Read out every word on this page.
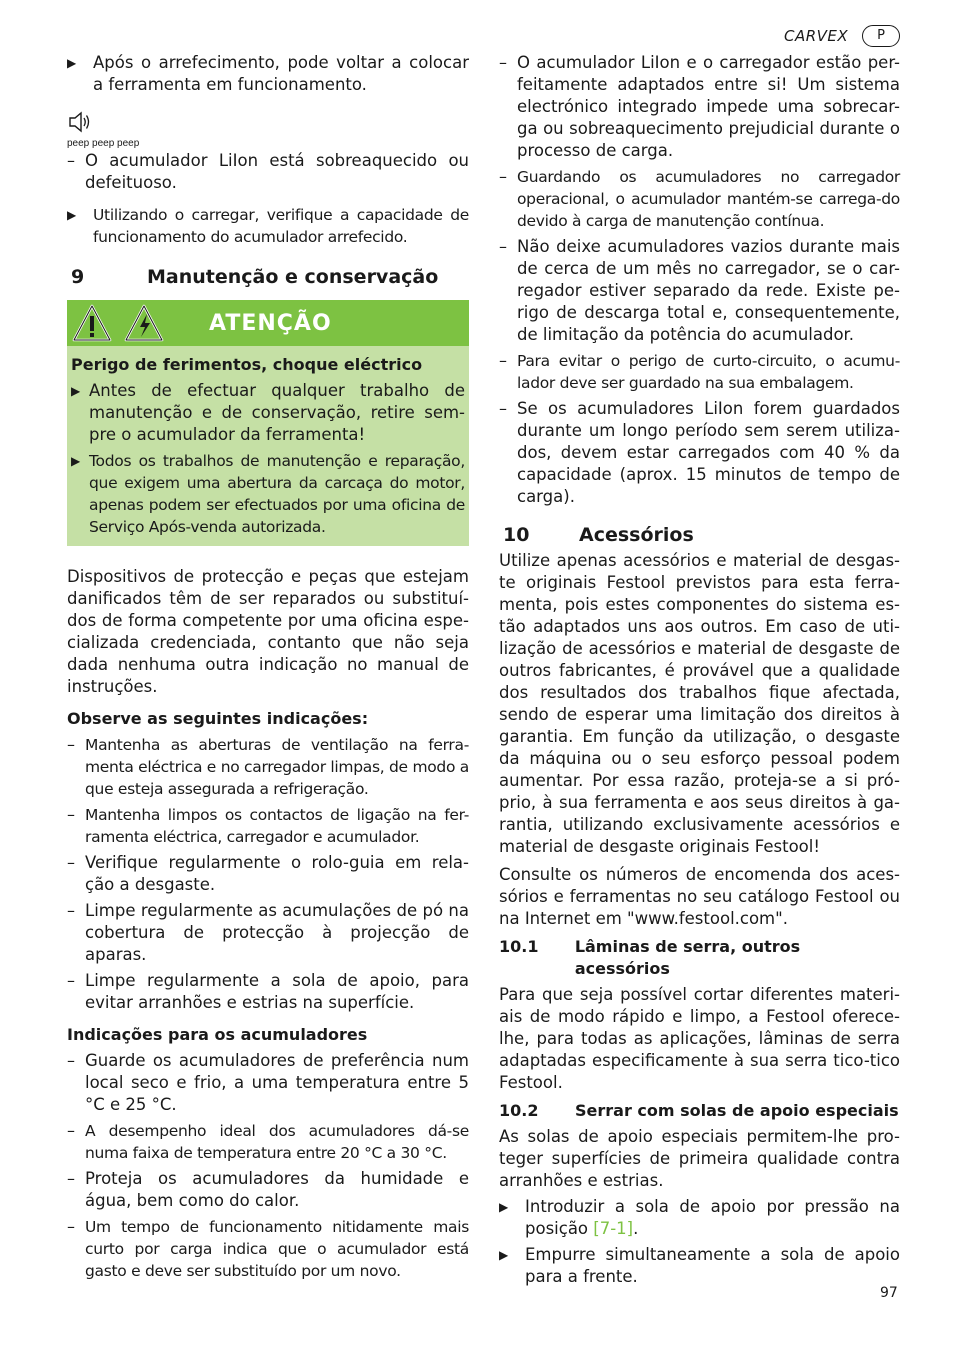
CARVEX	P
▶	Após o arrefecimento, pode voltar a colocar a ferramenta em funcionamento.

peep peep peep
– O acumulador LiIon está sobreaquecido ou defeituoso.

▶	Utilizando o carregar, verifique a capacidade de funcionamento do acumulador arrefecido.

9	Manutenção e conservação
ATENÇÃO
Perigo de ferimentos, choque eléctrico
▶ Antes de efectuar qualquer trabalho de manutenção e de conservação, retire sem-pre o acumulador da ferramenta!

▶ Todos os trabalhos de manutenção e reparação, que exigem uma abertura da carcaça do motor, apenas podem ser efectuados por uma oficina de Serviço Após-venda autorizada.

Dispositivos de protecção e peças que estejam danificados têm de ser reparados ou substituí-dos de forma competente por uma oficina espe-cializada credenciada, contanto que não seja dada nenhuma outra indicação no manual de instruções.

Observe as seguintes indicações:
– Mantenha as aberturas de ventilação na ferra-menta eléctrica e no carregador limpas, de modo a que esteja assegurada a refrigeração.

– Mantenha limpos os contactos de ligação na fer-ramenta eléctrica, carregador e acumulador.

– Verifique regularmente o rolo-guia em rela-ção a desgaste.

– Limpe regularmente as acumulações de pó na cobertura de protecção à projecção de aparas.

– Limpe regularmente a sola de apoio, para evitar arranhões e estrias na superfície.

Indicações para os acumuladores
– Guarde os acumuladores de preferência num local seco e frio, a uma temperatura entre 5 °C e 25 °C.

– A desempenho ideal dos acumuladores dá-se numa faixa de temperatura entre 20 °C a 30 °C.

– Proteja os acumuladores da humidade e água, bem como do calor.

– Um tempo de funcionamento nitidamente mais curto por carga indica que o acumulador está gasto e deve ser substituído por um novo.

– O acumulador LiIon e o carregador estão per-feitamente adaptados entre si! Um sistema electrónico integrado impede uma sobrecar-ga ou sobreaquecimento prejudicial durante o processo de carga.

– Guardando os acumuladores no carregador operacional, o acumulador mantém-se carrega-do devido à carga de manutenção contínua.

– Não deixe acumuladores vazios durante mais de cerca de um mês no carregador, se o car-regador estiver separado da rede. Existe pe-rigo de descarga total e, consequentemente, de limitação da potência do acumulador.

– Para evitar o perigo de curto-circuito, o acumu-lador deve ser guardado na sua embalagem.

– Se os acumuladores LiIon forem guardados durante um longo período sem serem utiliza-dos, devem estar carregados com 40 % da capacidade (aprox. 15 minutos de tempo de carga).

10	Acessórios

Utilize apenas acessórios e material de desgas-te originais Festool previstos para esta ferra-menta, pois estes componentes do sistema es-tão adaptados uns aos outros. Em caso de uti-lização de acessórios e material de desgaste de outros fabricantes, é provável que a qualidade dos resultados dos trabalhos fique afectada, sendo de esperar uma limitação dos direitos à garantia. Em função da utilização, o desgaste da máquina ou o seu esforço pessoal podem aumentar. Por essa razão, proteja-se a si pró-prio, à sua ferramenta e aos seus direitos à ga-rantia, utilizando exclusivamente acessórios e material de desgaste originais Festool!

Consulte os números de encomenda dos aces-sórios e ferramentas no seu catálogo Festool ou na Internet em "www.festool.com".

10.1	Lâminas de serra, outros acessórios

Para que seja possível cortar diferentes materi-ais de modo rápido e limpo, a Festool oferece-lhe, para todas as aplicações, lâminas de serra adaptadas especificamente à sua serra tico-tico Festool.

10.2	Serrar com solas de apoio especiais

As solas de apoio especiais permitem-lhe pro-teger superfícies de primeira qualidade contra arranhões e estrias.

▶	Introduzir a sola de apoio por pressão na posição [7-1].

▶	Empurre simultaneamente a sola de apoio para a frente.

97
